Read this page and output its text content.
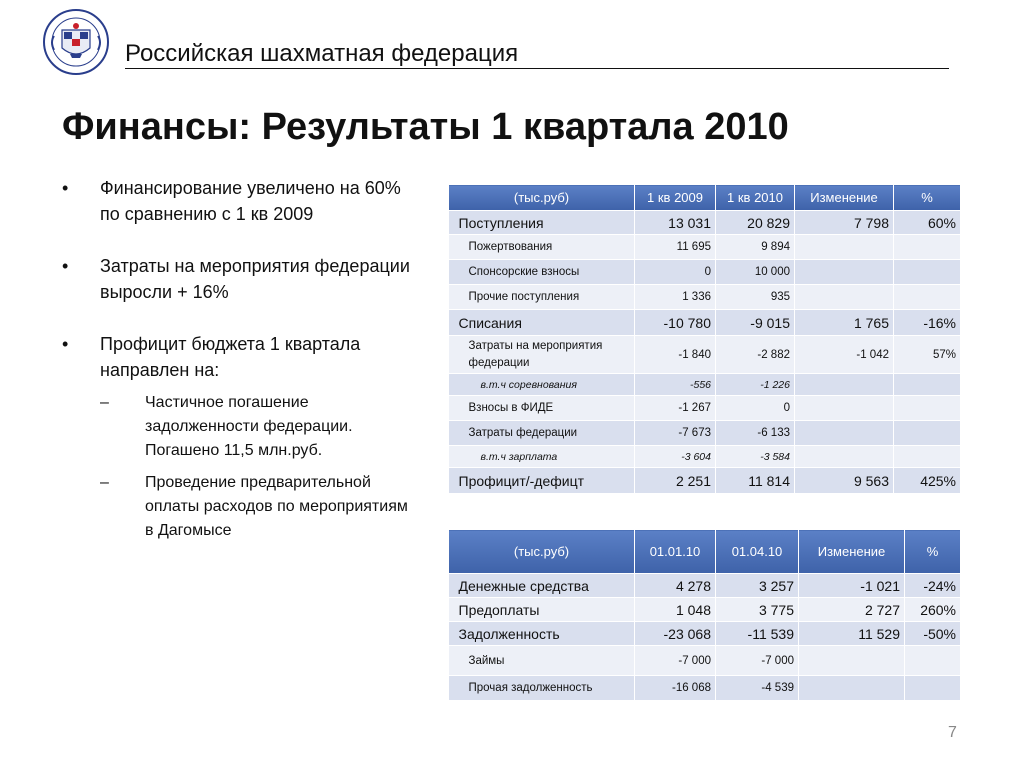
Российская шахматная федерация
Финансы: Результаты 1 квартала 2010
• Финансирование увеличено на 60% по сравнению с 1 кв 2009
• Затраты на мероприятия федерации выросли + 16%
• Профицит бюджета 1 квартала направлен на:
– Частичное погашение задолженности федерации. Погашено 11,5 млн.руб.
– Проведение предварительной оплаты расходов по мероприятиям в Дагомысе
(тыс.руб)	1 кв 2009	1 кв 2010	Изменение	%
Поступления	13 031	20 829	7 798	60%
Пожертвования	11 695	9 894		
Спонсорские взносы	0	10 000		
Прочие поступления	1 336	935		
Списания	-10 780	-9 015	1 765	-16%
Затраты на мероприятия федерации	-1 840	-2 882	-1 042	57%
в.т.ч соревнования	-556	-1 226		
Взносы в ФИДЕ	-1 267	0		
Затраты федерации	-7 673	-6 133		
в.т.ч зарплата	-3 604	-3 584		
Профицит/-дефицт	2 251	11 814	9 563	425%
(тыс.руб)	01.01.10	01.04.10	Изменение	%
Денежные средства	4 278	3 257	-1 021	-24%
Предоплаты	1 048	3 775	2 727	260%
Задолженность	-23 068	-11 539	11 529	-50%
Займы	-7 000	-7 000		
Прочая задолженность	-16 068	-4 539		
7
